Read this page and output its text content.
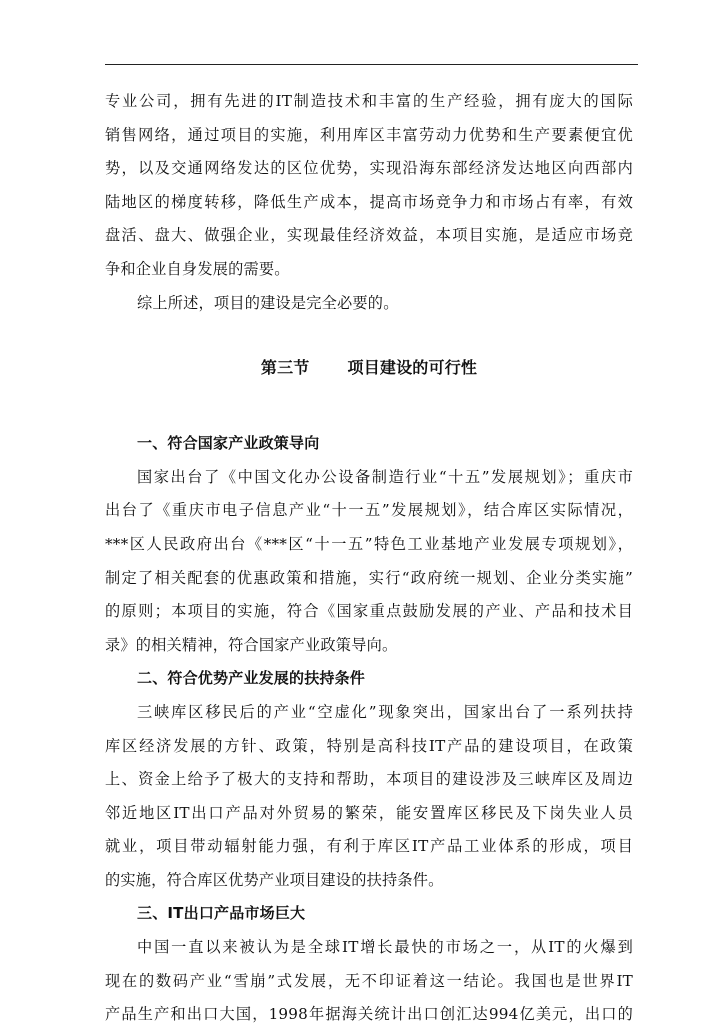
专业公司，拥有先进的IT制造技术和丰富的生产经验，拥有庞大的国际
销售网络，通过项目的实施，利用库区丰富劳动力优势和生产要素便宜优
势，以及交通网络发达的区位优势，实现沿海东部经济发达地区向西部内
陆地区的梯度转移，降低生产成本，提高市场竞争力和市场占有率，有效
盘活、盘大、做强企业，实现最佳经济效益，本项目实施，是适应市场竞
争和企业自身发展的需要。
综上所述，项目的建设是完全必要的。
第三节 项目建设的可行性
一、符合国家产业政策导向
国家出台了《中国文化办公设备制造行业“十五”发展规划》；重庆市
出台了《重庆市电子信息产业“十一五”发展规划》，结合库区实际情况，
***区人民政府出台《***区“十一五”特色工业基地产业发展专项规划》，
制定了相关配套的优惠政策和措施，实行“政府统一规划、企业分类实施”
的原则；本项目的实施，符合《国家重点鼓励发展的产业、产品和技术目
录》的相关精神，符合国家产业政策导向。
二、符合优势产业发展的扶持条件
三峡库区移民后的产业“空虚化”现象突出，国家出台了一系列扶持
库区经济发展的方针、政策，特别是高科技IT产品的建设项目，在政策
上、资金上给予了极大的支持和帮助，本项目的建设涉及三峡库区及周边
邻近地区IT出口产品对外贸易的繁荣，能安置库区移民及下岗失业人员
就业，项目带动辐射能力强，有利于库区IT产品工业体系的形成，项目
的实施，符合库区优势产业项目建设的扶持条件。
三、IT出口产品市场巨大
中国一直以来被认为是全球IT增长最快的市场之一，从IT的火爆到
现在的数码产业“雪崩”式发展，无不印证着这一结论。我国也是世界IT
产品生产和出口大国，1998年据海关统计出口创汇达994亿美元，出口的
